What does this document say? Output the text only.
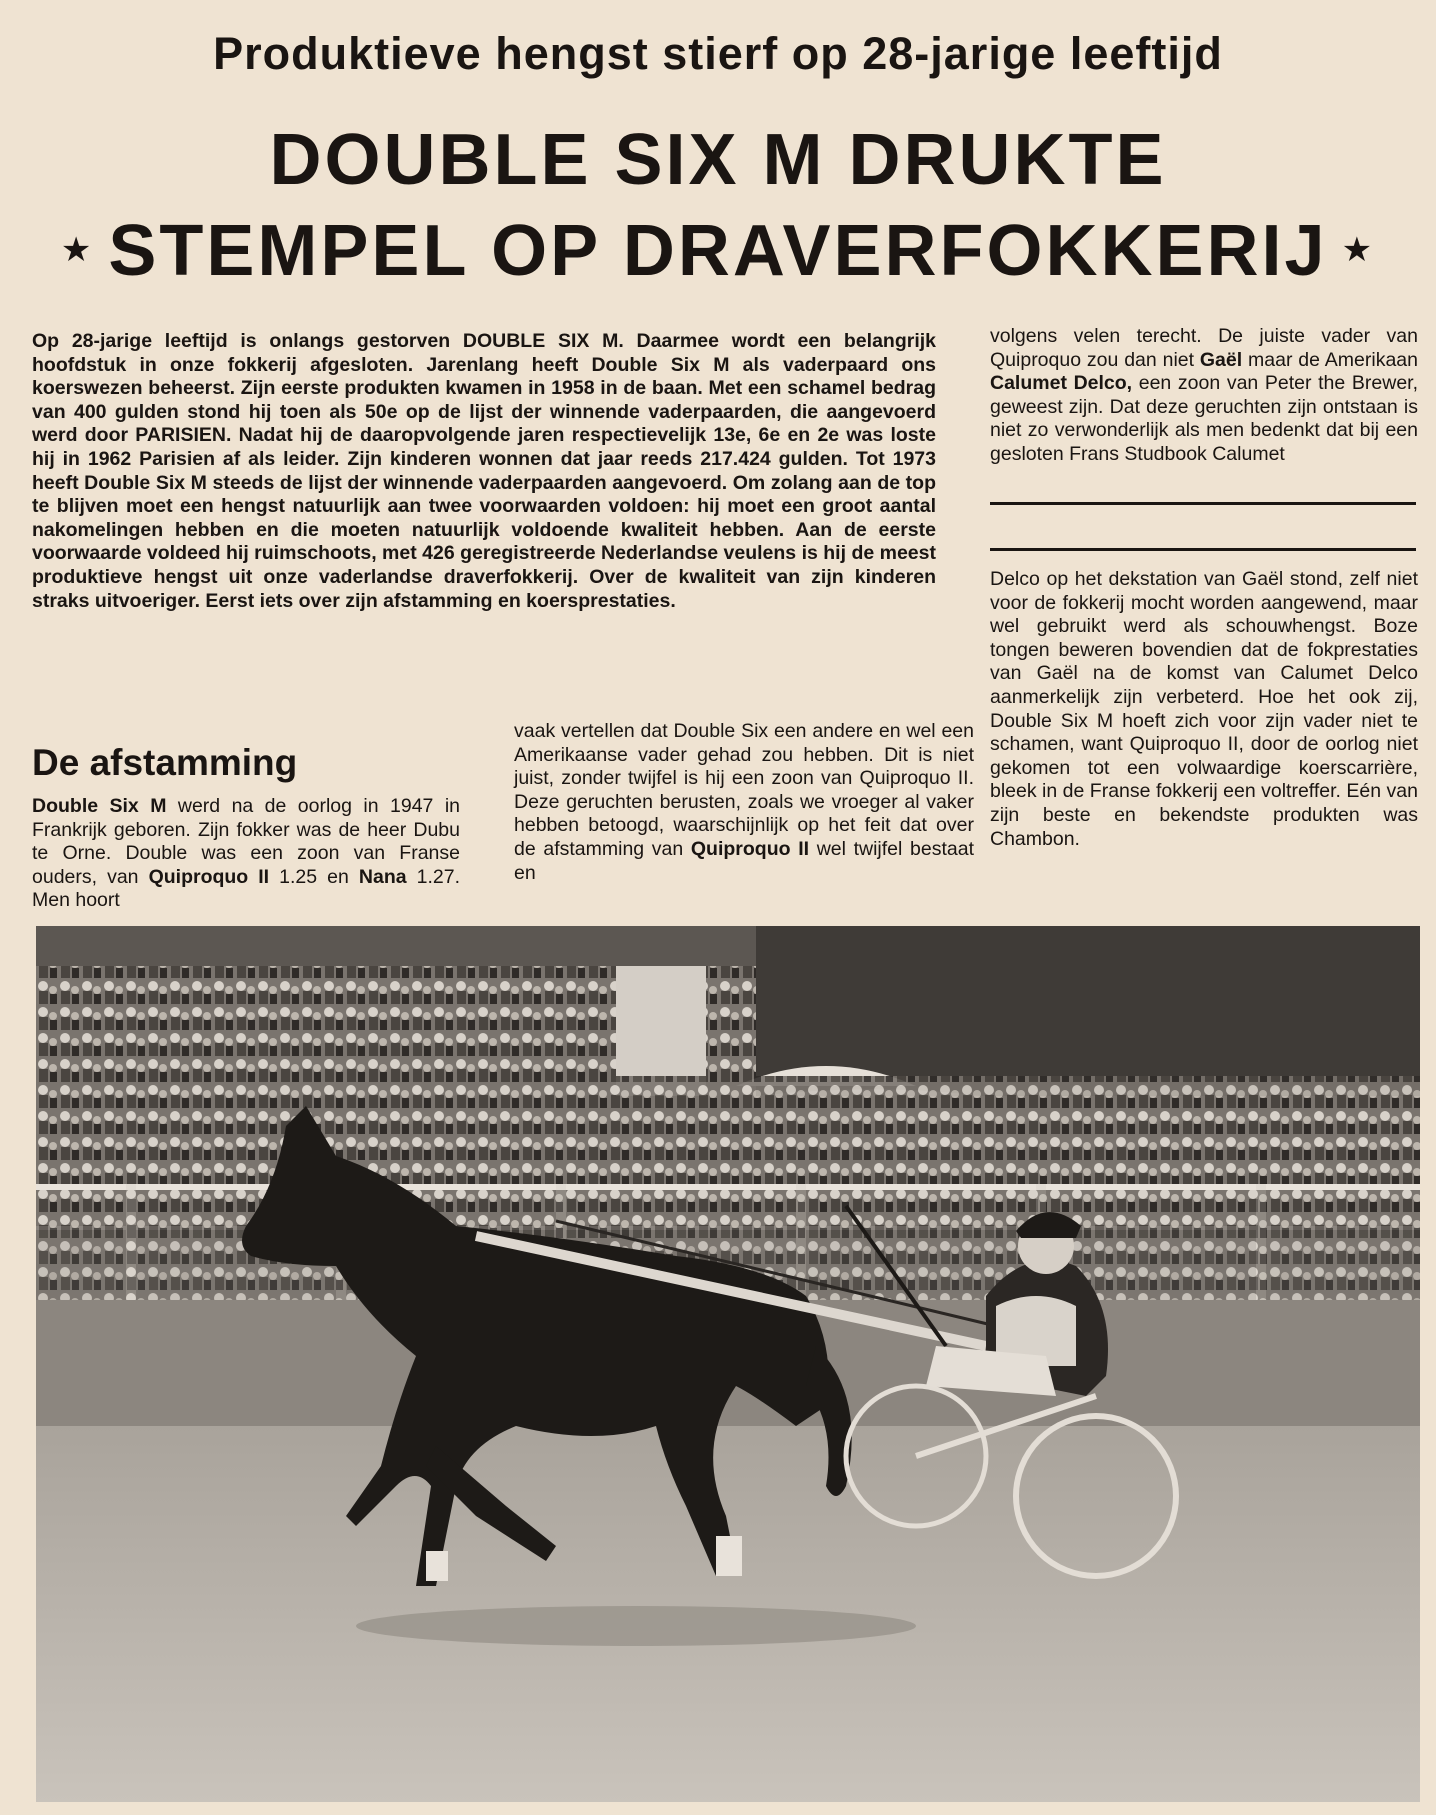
Produktieve hengst stierf op 28-jarige leeftijd
DOUBLE SIX M DRUKTE
★ STEMPEL OP DRAVERFOKKERIJ ★

Op 28-jarige leeftijd is onlangs gestorven DOUBLE SIX M. Daarmee wordt een belangrijk hoofdstuk in onze fokkerij afgesloten. Jarenlang heeft Double Six M als vaderpaard ons koerswezen beheerst. Zijn eerste produkten kwamen in 1958 in de baan. Met een schamel bedrag van 400 gulden stond hij toen als 50e op de lijst der winnende vaderpaarden, die aangevoerd werd door PARISIEN. Nadat hij de daaropvolgende jaren respectievelijk 13e, 6e en 2e was loste hij in 1962 Parisien af als leider. Zijn kinderen wonnen dat jaar reeds 217.424 gulden. Tot 1973 heeft Double Six M steeds de lijst der winnende vaderpaarden aangevoerd. Om zolang aan de top te blijven moet een hengst natuurlijk aan twee voorwaarden voldoen: hij moet een groot aantal nakomelingen hebben en die moeten natuurlijk voldoende kwaliteit hebben. Aan de eerste voorwaarde voldeed hij ruimschoots, met 426 geregistreerde Nederlandse veulens is hij de meest produktieve hengst uit onze vaderlandse draverfokkerij. Over de kwaliteit van zijn kinderen straks uitvoeriger. Eerst iets over zijn afstamming en koersprestaties.

De afstamming

Double Six M werd na de oorlog in 1947 in Frankrijk geboren. Zijn fokker was de heer Dubu te Orne. Double was een zoon van Franse ouders, van Quiproquo II 1.25 en Nana 1.27. Men hoort

vaak vertellen dat Double Six een andere en wel een Amerikaanse vader gehad zou hebben. Dit is niet juist, zonder twijfel is hij een zoon van Quiproquo II. Deze geruchten berusten, zoals we vroeger al vaker hebben betoogd, waarschijnlijk op het feit dat over de afstamming van Quiproquo II wel twijfel bestaat en

volgens velen terecht. De juiste vader van Quiproquo zou dan niet Gaël maar de Amerikaan Calumet Delco, een zoon van Peter the Brewer, geweest zijn. Dat deze geruchten zijn ontstaan is niet zo verwonderlijk als men bedenkt dat bij een gesloten Frans Studbook Calumet

Delco op het dekstation van Gaël stond, zelf niet voor de fokkerij mocht worden aangewend, maar wel gebruikt werd als schouwhengst. Boze tongen beweren bovendien dat de fokprestaties van Gaël na de komst van Calumet Delco aanmerkelijk zijn verbeterd. Hoe het ook zij, Double Six M hoeft zich voor zijn vader niet te schamen, want Quiproquo II, door de oorlog niet gekomen tot een volwaardige koerscarrière, bleek in de Franse fokkerij een voltreffer. Eén van zijn beste en bekendste produkten was Chambon.
